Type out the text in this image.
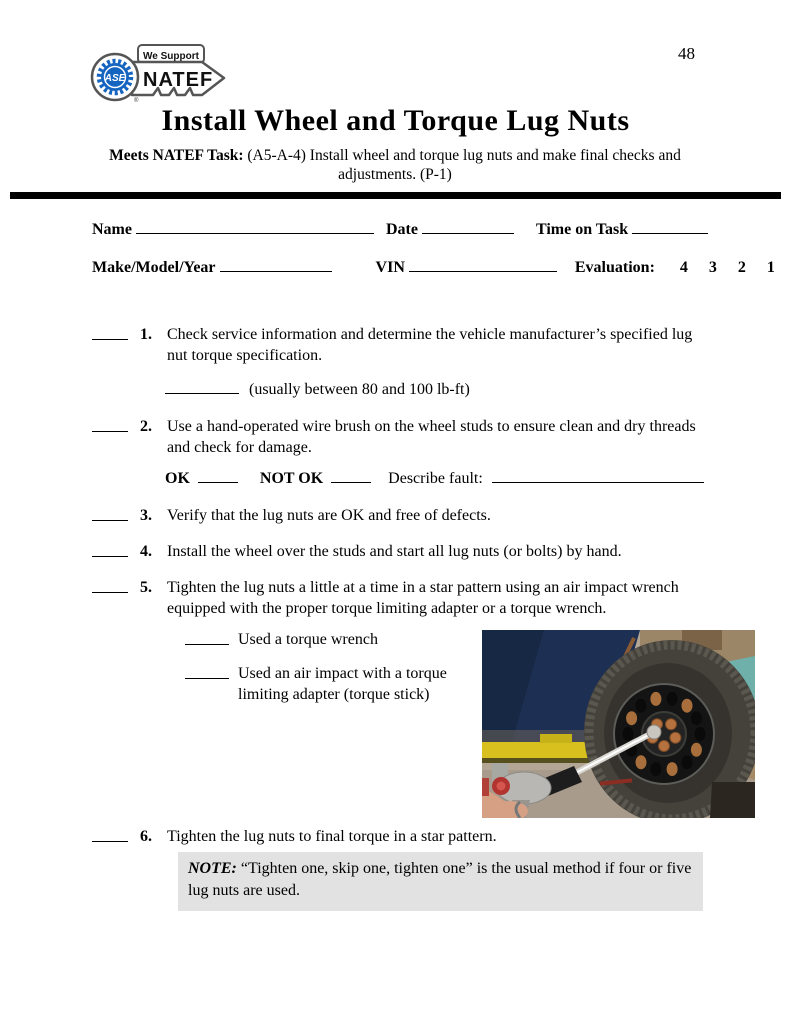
48
ASE
We Support
NATEF
®
Install Wheel and Torque Lug Nuts
Meets NATEF Task: (A5-A-4) Install wheel and torque lug nuts and make final checks and
adjustments. (P-1)
Name	Date	Time on Task
Make/Model/Year	VIN	Evaluation: 4 3 2 1
1. Check service information and determine the vehicle manufacturer’s specified lug nut torque specification.
(usually between 80 and 100 lb-ft)
2. Use a hand-operated wire brush on the wheel studs to ensure clean and dry threads and check for damage.
OK	NOT OK	Describe fault:
3. Verify that the lug nuts are OK and free of defects.
4. Install the wheel over the studs and start all lug nuts (or bolts) by hand.
5. Tighten the lug nuts a little at a time in a star pattern using an air impact wrench equipped with the proper torque limiting adapter or a torque wrench.
Used a torque wrench
Used an air impact with a torque limiting adapter (torque stick)
6. Tighten the lug nuts to final torque in a star pattern.
NOTE: “Tighten one, skip one, tighten one” is the usual method if four or five lug nuts are used.
